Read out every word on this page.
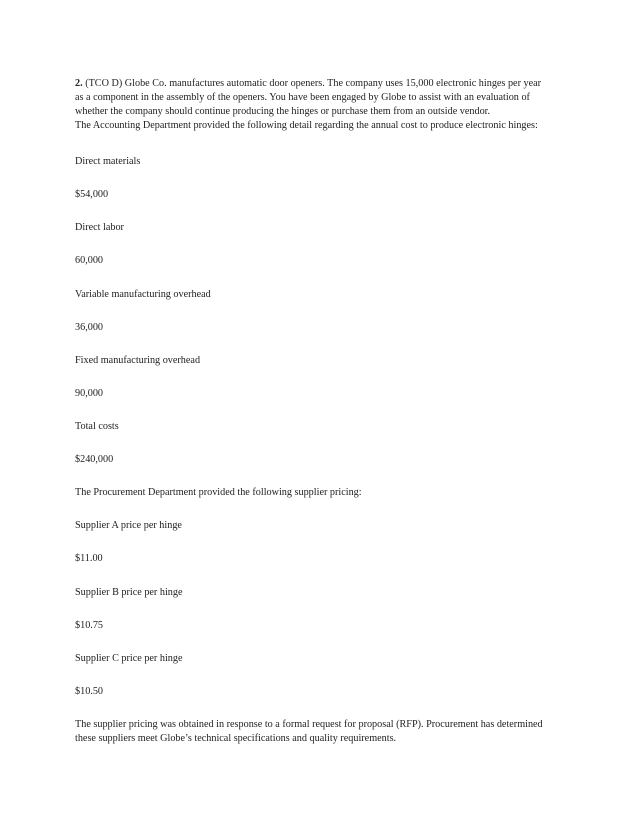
2. (TCO D) Globe Co. manufactures automatic door openers. The company uses 15,000 electronic hinges per year
as a component in the assembly of the openers. You have been engaged by Globe to assist with an evaluation of
whether the company should continue producing the hinges or purchase them from an outside vendor.
The Accounting Department provided the following detail regarding the annual cost to produce electronic hinges:

Direct materials

$54,000

Direct labor

60,000

Variable manufacturing overhead

36,000

Fixed manufacturing overhead

90,000

Total costs

$240,000

The Procurement Department provided the following supplier pricing:

Supplier A price per hinge

$11.00

Supplier B price per hinge

$10.75

Supplier C price per hinge

$10.50

The supplier pricing was obtained in response to a formal request for proposal (RFP). Procurement has determined
these suppliers meet Globe’s technical specifications and quality requirements.
